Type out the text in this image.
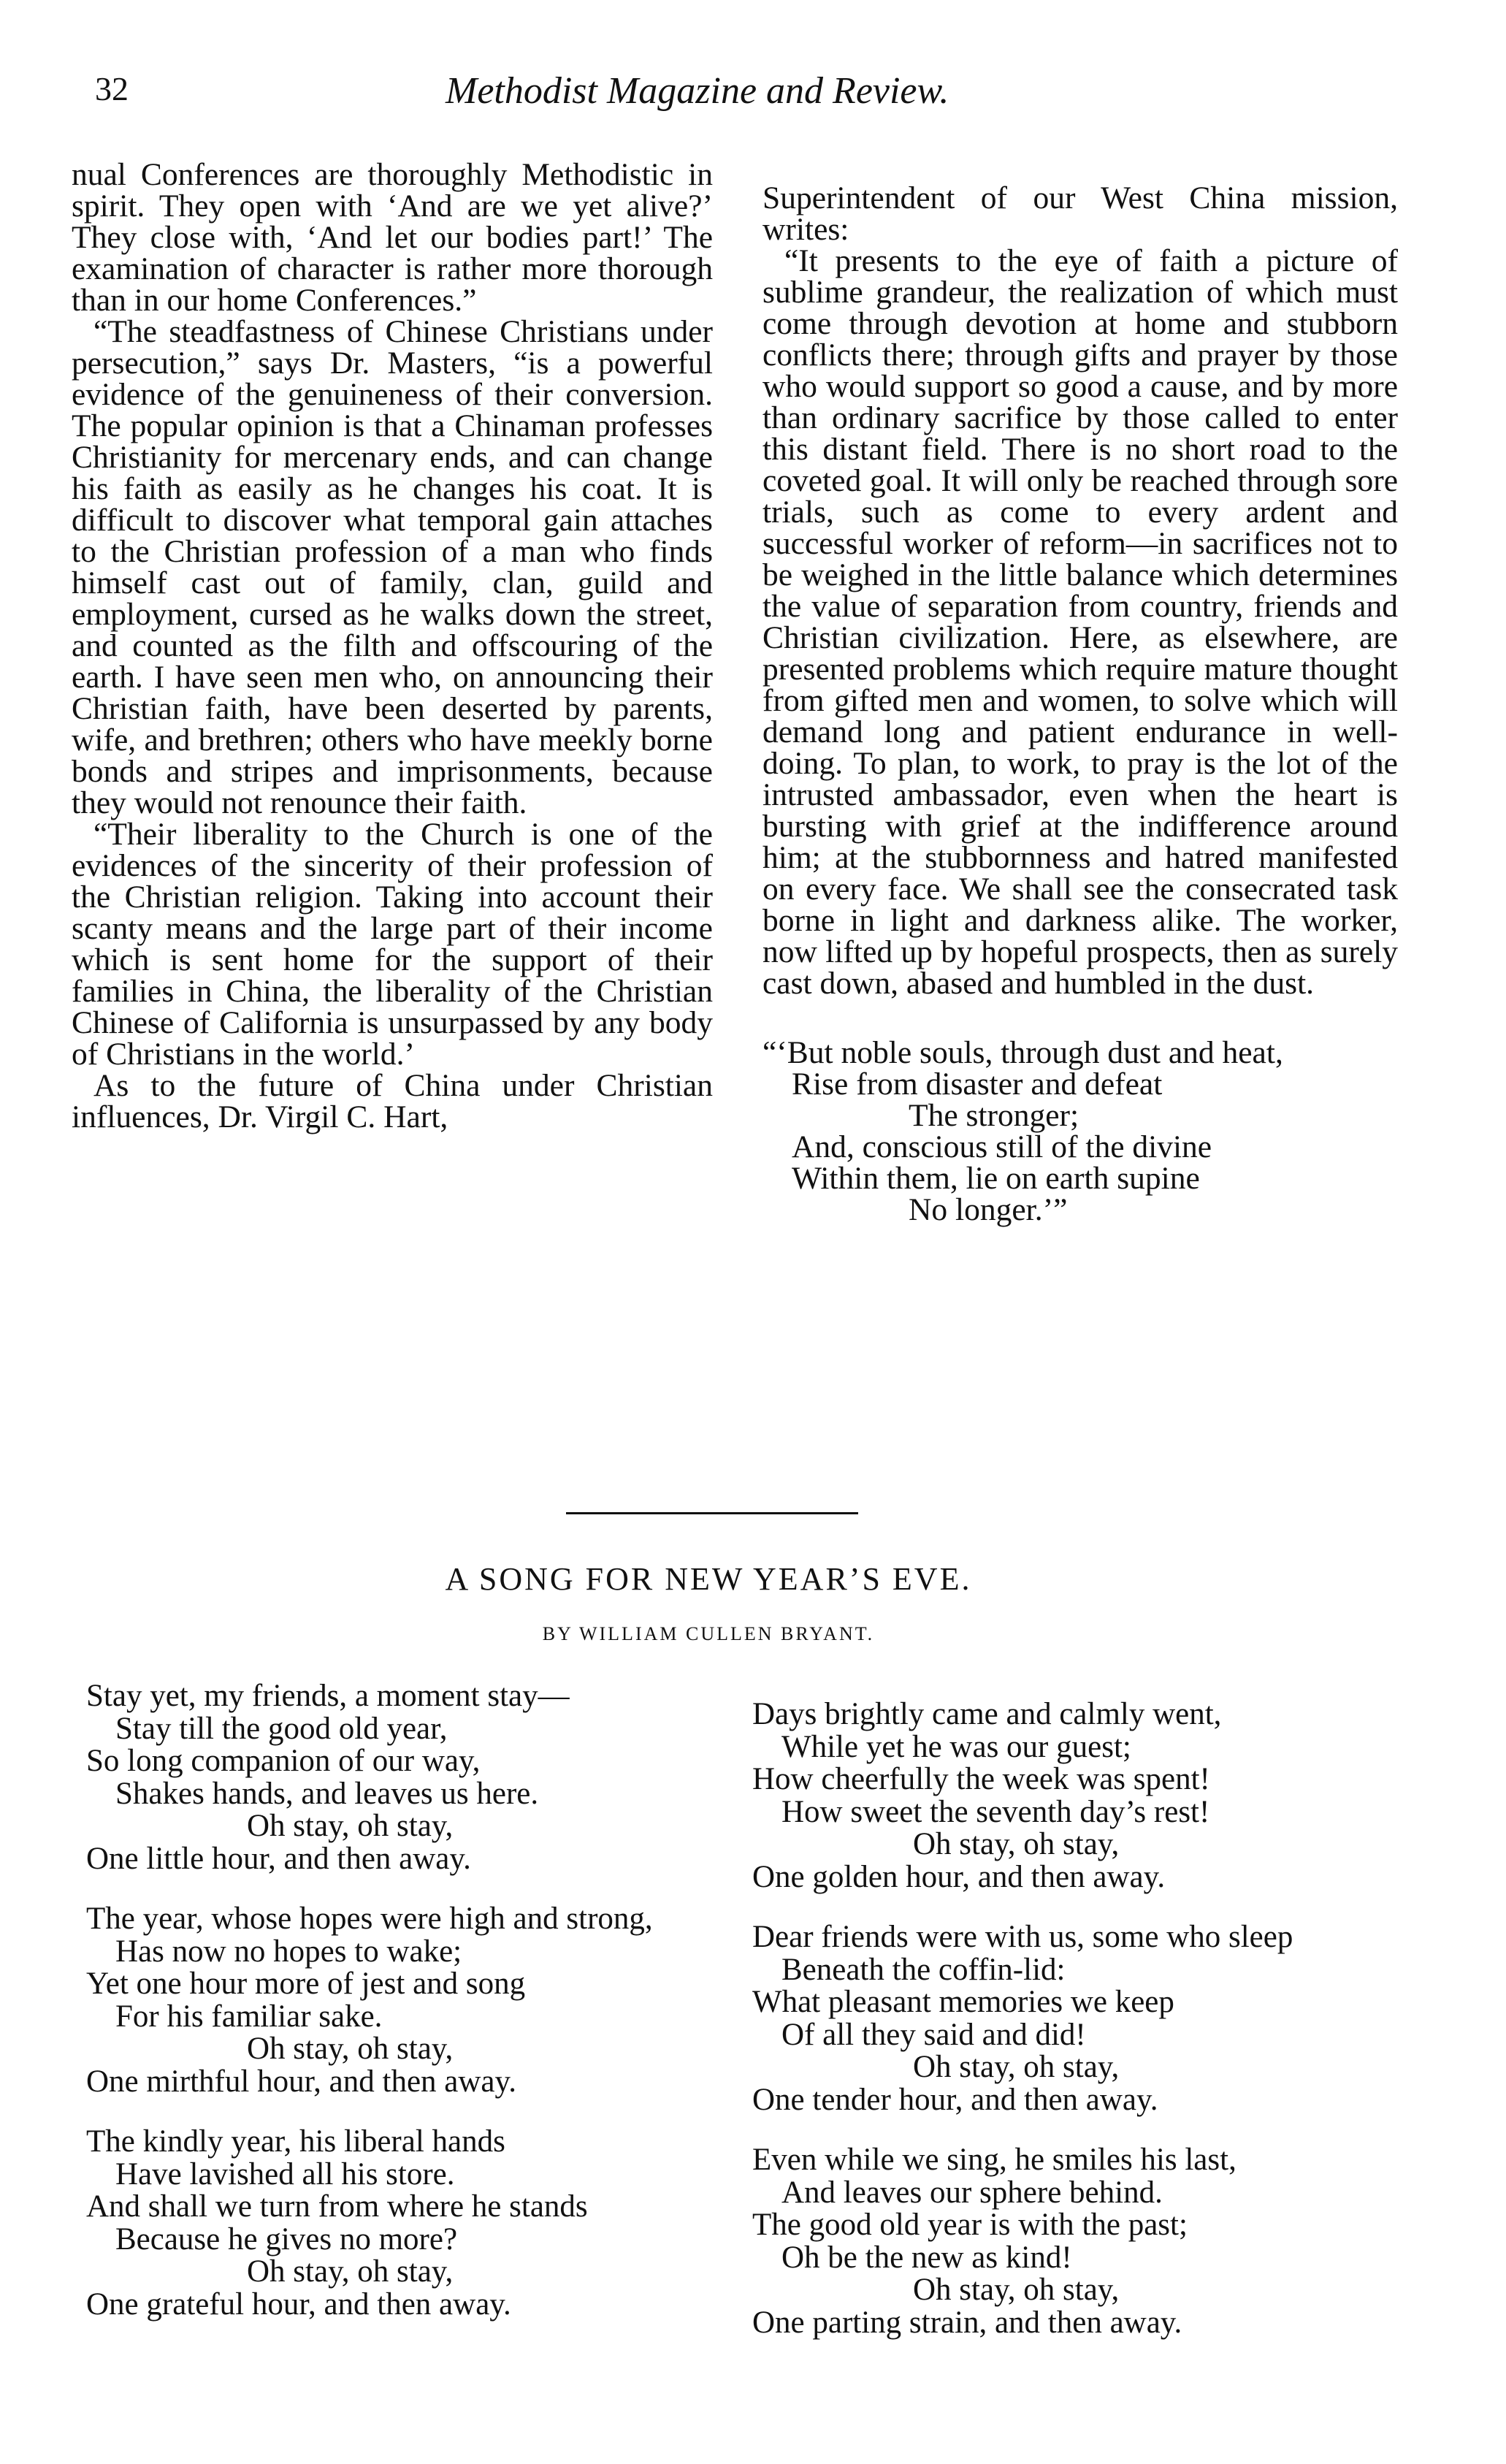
32	Methodist Magazine and Review.

nual Conferences are thoroughly Methodistic in spirit. They open with ‘And are we yet alive?’ They close with, ‘And let our bodies part!’ The examination of character is rather more thorough than in our home Conferences.”

“The steadfastness of Chinese Christians under persecution,” says Dr. Masters, “is a powerful evidence of the genuineness of their conversion. The popular opinion is that a Chinaman professes Christianity for mercenary ends, and can change his faith as easily as he changes his coat. It is difficult to discover what temporal gain attaches to the Christian profession of a man who finds himself cast out of family, clan, guild and employment, cursed as he walks down the street, and counted as the filth and offscouring of the earth. I have seen men who, on announcing their Christian faith, have been deserted by parents, wife, and brethren; others who have meekly borne bonds and stripes and imprisonments, because they would not renounce their faith.

“Their liberality to the Church is one of the evidences of the sincerity of their profession of the Christian religion. Taking into account their scanty means and the large part of their income which is sent home for the support of their families in China, the liberality of the Christian Chinese of California is unsurpassed by any body of Christians in the world.’

As to the future of China under Christian influences, Dr. Virgil C. Hart,

Superintendent of our West China mission, writes:

“It presents to the eye of faith a picture of sublime grandeur, the realization of which must come through devotion at home and stubborn conflicts there; through gifts and prayer by those who would support so good a cause, and by more than ordinary sacrifice by those called to enter this distant field. There is no short road to the coveted goal. It will only be reached through sore trials, such as come to every ardent and successful worker of reform—in sacrifices not to be weighed in the little balance which determines the value of separation from country, friends and Christian civilization. Here, as elsewhere, are presented problems which require mature thought from gifted men and women, to solve which will demand long and patient endurance in well-doing. To plan, to work, to pray is the lot of the intrusted ambassador, even when the heart is bursting with grief at the indifference around him; at the stubbornness and hatred manifested on every face. We shall see the consecrated task borne in light and darkness alike. The worker, now lifted up by hopeful prospects, then as surely cast down, abased and humbled in the dust.

“‘But noble souls, through dust and heat,

Rise from disaster and defeat

The stronger;

And, conscious still of the divine

Within them, lie on earth supine

No longer.’”

A SONG FOR NEW YEAR’S EVE.
BY WILLIAM CULLEN BRYANT.

Stay yet, my friends, a moment stay—

Stay till the good old year,

So long companion of our way,

Shakes hands, and leaves us here.

Oh stay, oh stay,

One little hour, and then away.

The year, whose hopes were high and strong,

Has now no hopes to wake;

Yet one hour more of jest and song

For his familiar sake.

Oh stay, oh stay,

One mirthful hour, and then away.

The kindly year, his liberal hands

Have lavished all his store.

And shall we turn from where he stands

Because he gives no more?

Oh stay, oh stay,

One grateful hour, and then away.

Days brightly came and calmly went,

While yet he was our guest;

How cheerfully the week was spent!

How sweet the seventh day’s rest!

Oh stay, oh stay,

One golden hour, and then away.

Dear friends were with us, some who sleep

Beneath the coffin-lid:

What pleasant memories we keep

Of all they said and did!

Oh stay, oh stay,

One tender hour, and then away.

Even while we sing, he smiles his last,

And leaves our sphere behind.

The good old year is with the past;

Oh be the new as kind!

Oh stay, oh stay,

One parting strain, and then away.
